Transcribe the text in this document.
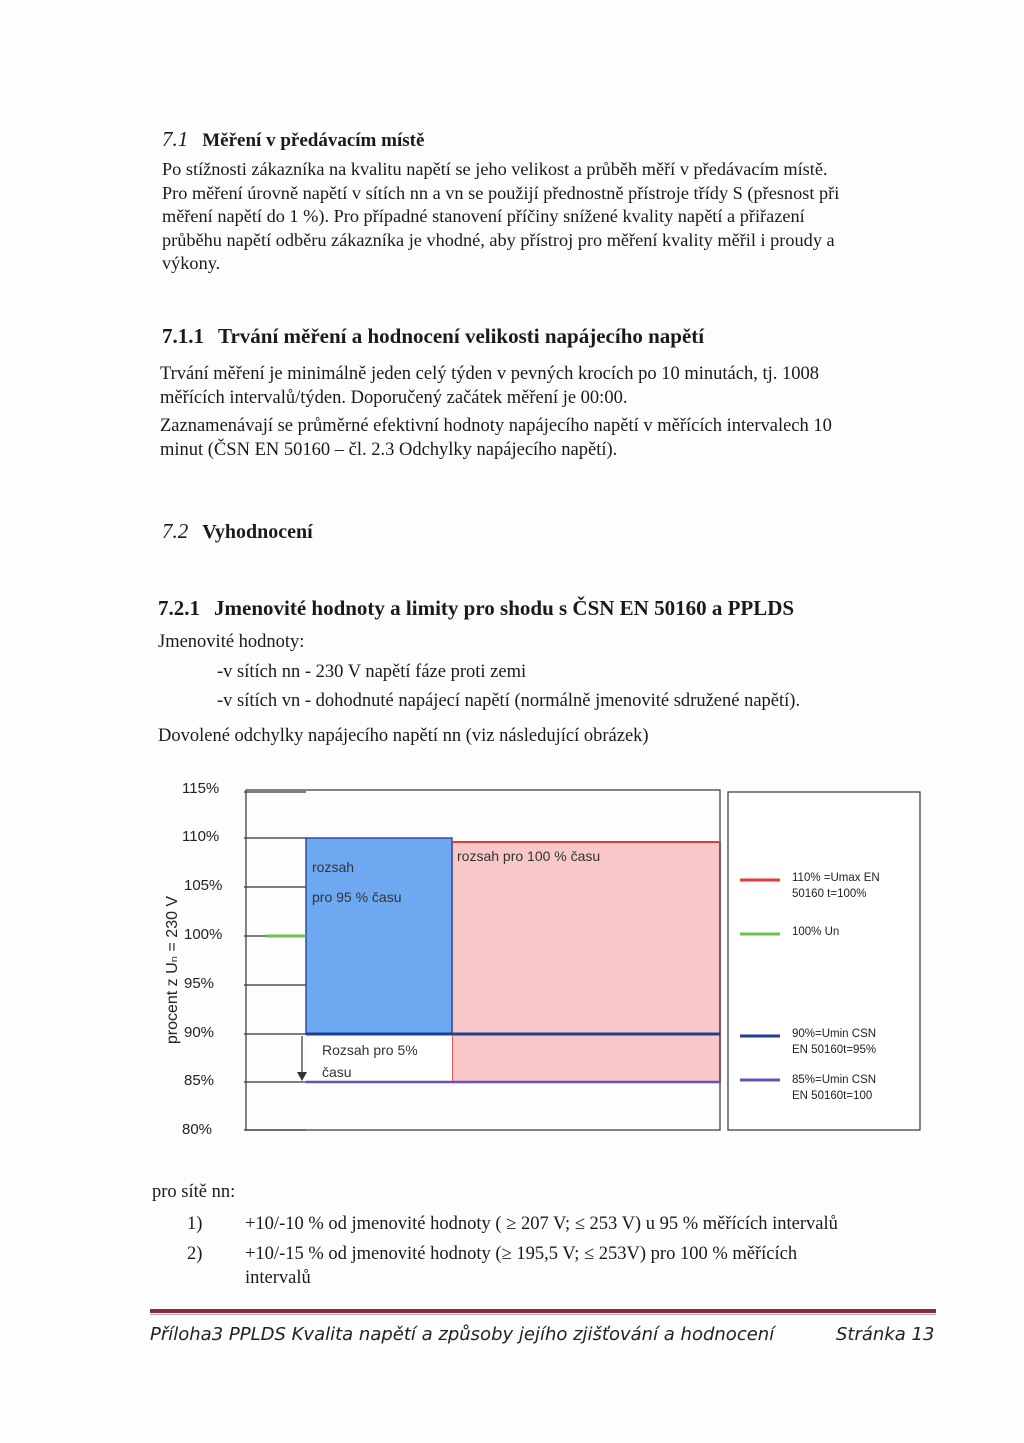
7.1 Měření v předávacím místě
Po stížnosti zákazníka na kvalitu napětí se jeho velikost a průběh měří v předávacím místě.
Pro měření úrovně napětí v sítích nn a vn se použijí přednostně přístroje třídy S (přesnost při
měření napětí do 1 %). Pro případné stanovení příčiny snížené kvality napětí a přiřazení
průběhu napětí odběru zákazníka je vhodné, aby přístroj pro měření kvality měřil i proudy a
výkony.
7.1.1 Trvání měření a hodnocení velikosti napájecího napětí
Trvání měření je minimálně jeden celý týden v pevných krocích po 10 minutách, tj. 1008
měřících intervalů/týden. Doporučený začátek měření je 00:00.
Zaznamenávají se průměrné efektivní hodnoty napájecího napětí v měřících intervalech 10
minut (ČSN EN 50160 – čl. 2.3 Odchylky napájecího napětí).
7.2 Vyhodnocení
7.2.1 Jmenovité hodnoty a limity pro shodu s ČSN EN 50160 a PPLDS
Jmenovité hodnoty:
-v sítích nn - 230 V napětí fáze proti zemi
-v sítích vn - dohodnuté napájecí napětí (normálně jmenovité sdružené napětí).
Dovolené odchylky napájecího napětí nn (viz následující obrázek)
115%
110%
105%
100%
95%
90%
85%
80%
procent z Uₙ = 230 V
rozsah
pro 95 % času
rozsah pro 100 % času
Rozsah pro 5%
času
110% =Umax EN
50160 t=100%
100% Un
90%=Umin CSN
EN 50160t=95%
85%=Umin CSN
EN 50160t=100
pro sítě nn:
1) +10/-10 % od jmenovité hodnoty ( ≥ 207 V; ≤ 253 V) u 95 % měřících intervalů
2) +10/-15 % od jmenovité hodnoty (≥ 195,5 V; ≤ 253V) pro 100 % měřících
intervalů
Příloha3 PPLDS Kvalita napětí a způsoby jejího zjišťování a hodnocení	Stránka 13
